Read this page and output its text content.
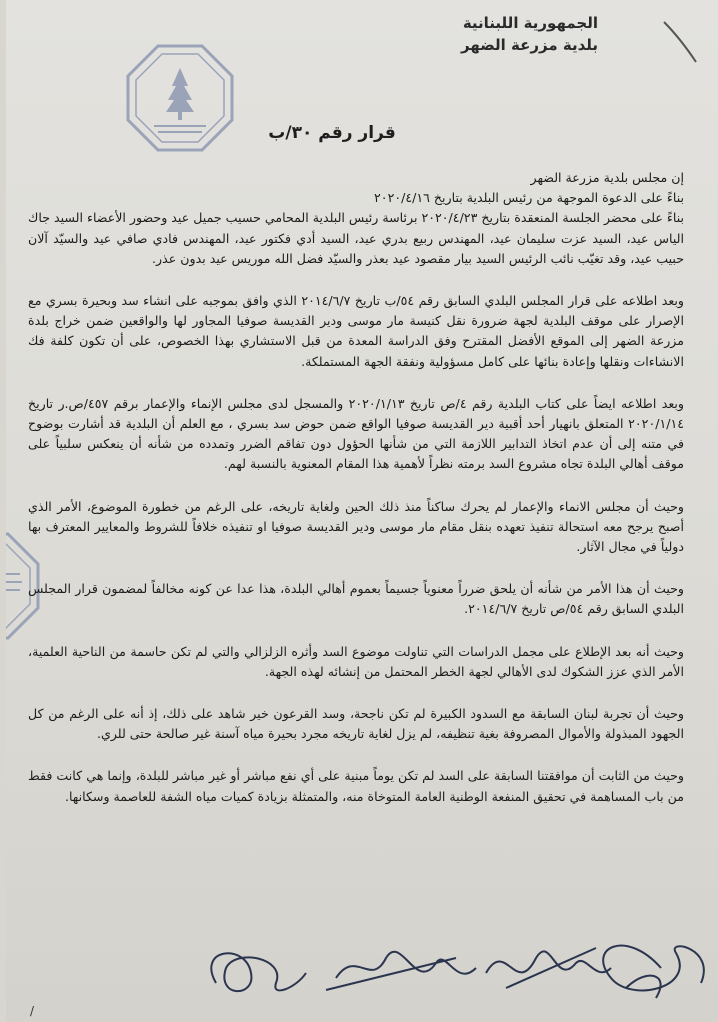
الجمهورية اللبنانية
بلدية مزرعة الضهر
قرار رقم ٣٠/ب

إن مجلس بلدية مزرعة الضهر

بناءً على الدعوة الموجهة من رئيس البلدية بتاريخ ٢٠٢٠/٤/١٦

بناءً على محضر الجلسة المنعقدة بتاريخ ٢٠٢٠/٤/٢٣ برئاسة رئيس البلدية المحامي حسيب جميل عيد وحضور الأعضاء السيد جاك الياس عيد، السيد عزت سليمان عيد، المهندس ربيع بدري عيد، السيد أدي فكتور عيد، المهندس فادي صافي عيد والسيّد آلان حبيب عيد، وقد تغيّب نائب الرئيس السيد بيار مقصود عيد بعذر والسيّد فضل الله موريس عيد بدون عذر.

وبعد اطلاعه على قرار المجلس البلدي السابق رقم ٥٤/ب تاريخ ٢٠١٤/٦/٧ الذي وافق بموجبه على انشاء سد وبحيرة بسري مع الإصرار على موقف البلدية لجهة ضرورة نقل كنيسة مار موسى ودير القديسة صوفيا المجاور لها والواقعين ضمن خراج بلدة مزرعة الضهر إلى الموقع الأفضل المقترح وفق الدراسة المعدة من قبل الاستشاري بهذا الخصوص، على أن تكون كلفة فك الانشاءات ونقلها وإعادة بنائها على كامل مسؤولية ونفقة الجهة المستملكة.

وبعد اطلاعه ايضاً على كتاب البلدية رقم ٤/ص تاريخ ٢٠٢٠/١/١٣ والمسجل لدى مجلس الإنماء والإعمار برقم ٤٥٧/ص.ر تاريخ ٢٠٢٠/١/١٤ المتعلق بانهيار أحد أقبية دير القديسة صوفيا الواقع ضمن حوض سد بسري ، مع العلم أن البلدية قد أشارت بوضوح في متنه إلى أن عدم اتخاذ التدابير اللازمة التي من شأنها الحؤول دون تفاقم الضرر وتمدده من شأنه أن ينعكس سلبياً على موقف أهالي البلدة تجاه مشروع السد برمته نظراً لأهمية هذا المقام المعنوية بالنسبة لهم.

وحيث أن مجلس الانماء والإعمار لم يحرك ساكناً منذ ذلك الحين ولغاية تاريخه، على الرغم من خطورة الموضوع، الأمر الذي أصبح يرجح معه استحالة تنفيذ تعهده بنقل مقام مار موسى ودير القديسة صوفيا او تنفيذه خلافاً للشروط والمعايير المعترف بها دولياً في مجال الآثار.

وحيث أن هذا الأمر من شأنه أن يلحق ضرراً معنوياً جسيماً بعموم أهالي البلدة، هذا عدا عن كونه مخالفاً لمضمون قرار المجلس البلدي السابق رقم ٥٤/ص تاريخ ٢٠١٤/٦/٧.

وحيث أنه بعد الإطلاع على مجمل الدراسات التي تناولت موضوع السد وأثره الزلزالي والتي لم تكن حاسمة من الناحية العلمية، الأمر الذي عزز الشكوك لدى الأهالي لجهة الخطر المحتمل من إنشائه لهذه الجهة.

وحيث أن تجربة لبنان السابقة مع السدود الكبيرة لم تكن ناجحة، وسد القرعون خير شاهد على ذلك، إذ أنه على الرغم من كل الجهود المبذولة والأموال المصروفة بغية تنظيفه، لم يزل لغاية تاريخه مجرد بحيرة مياه آسنة غير صالحة حتى للري.

وحيث من الثابت أن موافقتنا السابقة على السد لم تكن يوماً مبنية على أي نفع مباشر أو غير مباشر للبلدة، وإنما هي كانت فقط من باب المساهمة في تحقيق المنفعة الوطنية العامة المتوخاة منه، والمتمثلة بزيادة كميات مياه الشفة للعاصمة وسكانها.

/
